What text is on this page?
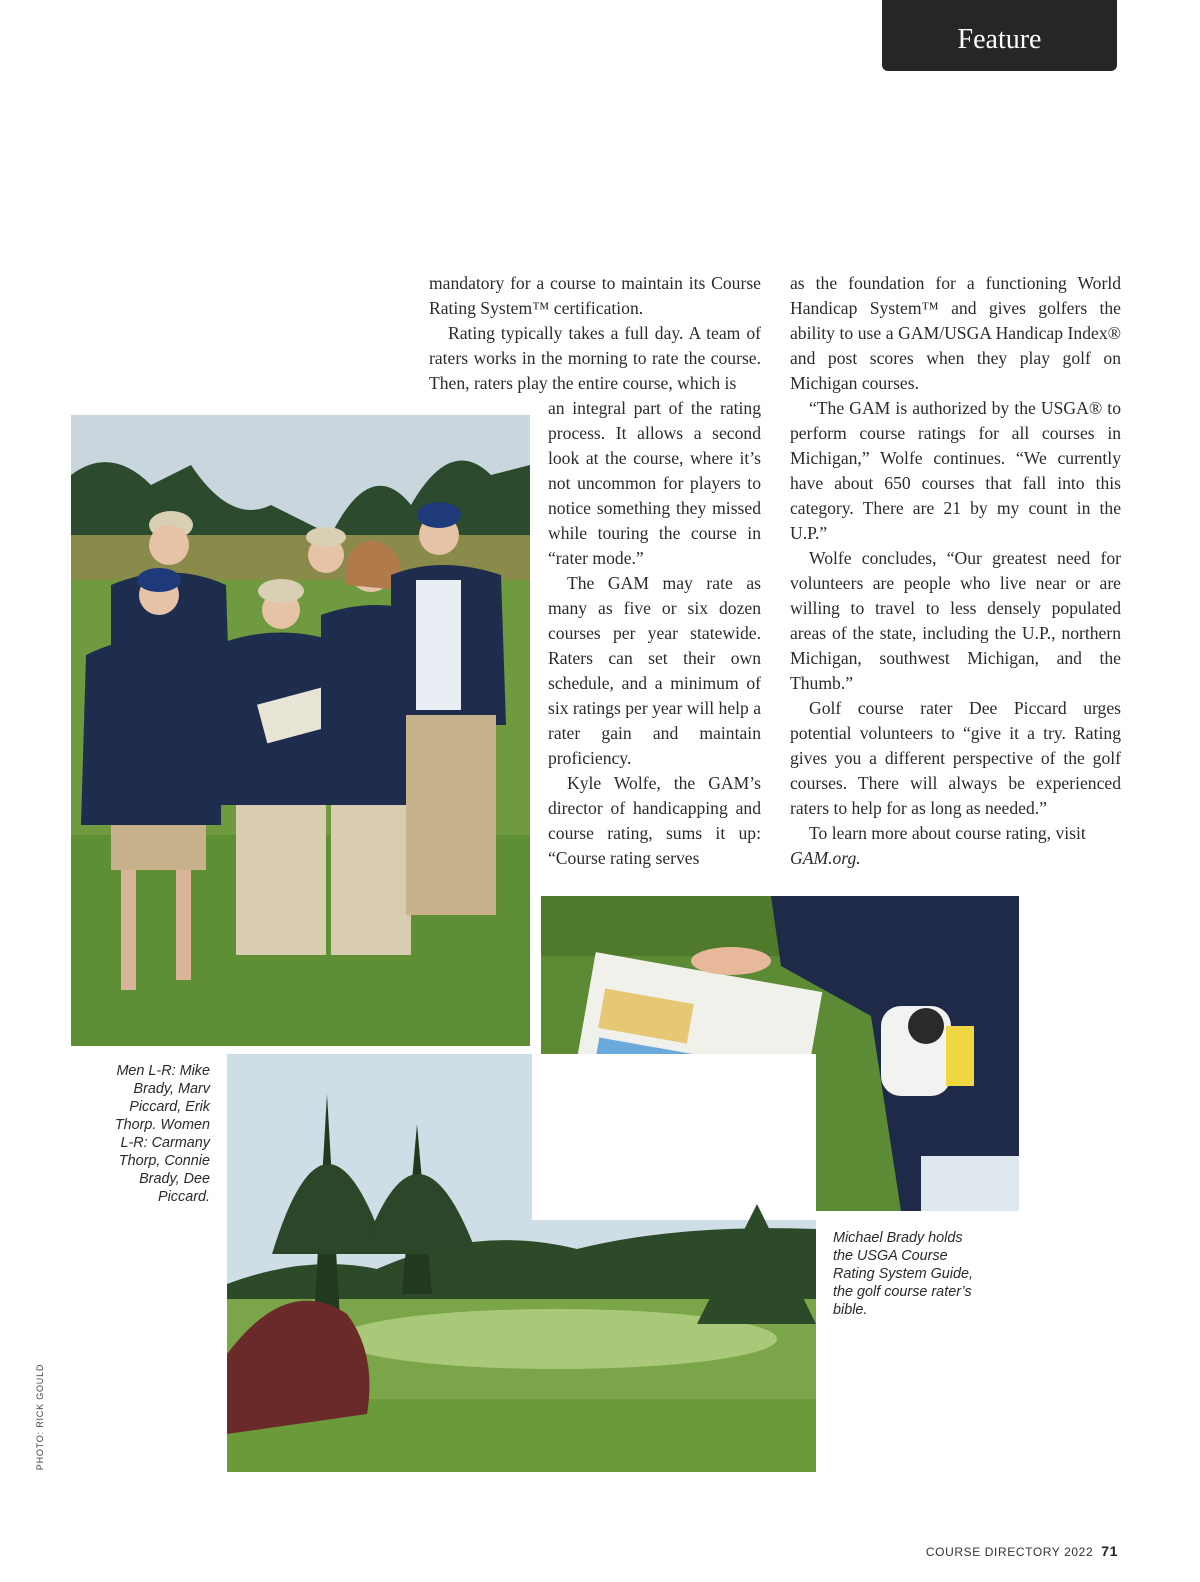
Feature

mandatory for a course to maintain its Course Rating System™ certification.

Rating typically takes a full day. A team of raters works in the morning to rate the course. Then, raters play the entire course, which is

an integral part of the rating process. It allows a second look at the course, where it’s not uncommon for players to notice something they missed while touring the course in “rater mode.”

The GAM may rate as many as five or six dozen courses per year statewide. Raters can set their own schedule, and a minimum of six ratings per year will help a rater gain and maintain proficiency.

Kyle Wolfe, the GAM’s director of handicapping and course rating, sums it up: “Course rating serves

as the foundation for a functioning World Handicap System™ and gives golfers the ability to use a GAM/USGA Handicap Index® and post scores when they play golf on Michigan courses.

“The GAM is authorized by the USGA® to perform course ratings for all courses in Michigan,” Wolfe continues. “We currently have about 650 courses that fall into this category. There are 21 by my count in the U.P.”

Wolfe concludes, “Our greatest need for volunteers are people who live near or are willing to travel to less densely populated areas of the state, including the U.P., northern Michigan, southwest Michigan, and the Thumb.”

Golf course rater Dee Piccard urges potential volunteers to “give it a try. Rating gives you a different perspective of the golf courses. There will always be experienced raters to help for as long as needed.”

To learn more about course rating, visit

GAM.org.

Men L-R: Mike Brady, Marv Piccard, Erik Thorp. Women L-R: Carmany Thorp, Connie Brady, Dee Piccard.
Michael Brady holds the USGA Course Rating System Guide, the golf course rater’s bible.
PHOTO: RICK GOULD
COURSE DIRECTORY 2022 71
